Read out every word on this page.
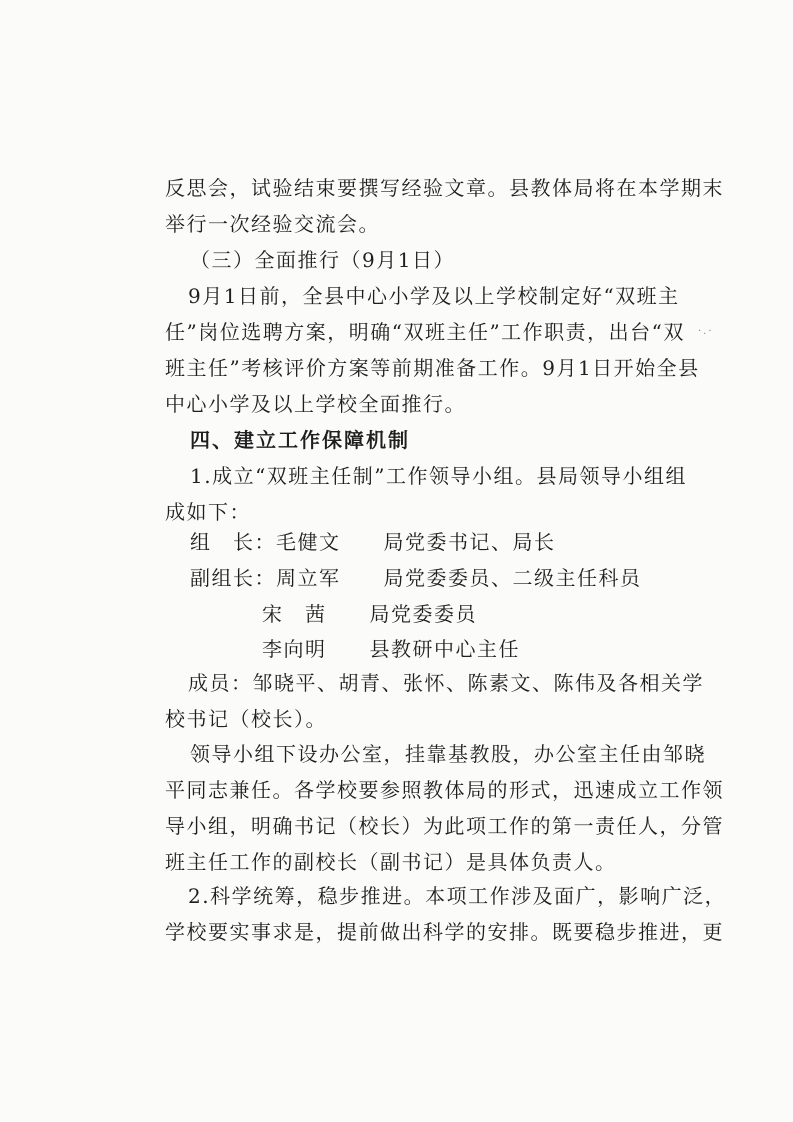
反思会，试验结束要撰写经验文章。县教体局将在本学期末
举行一次经验交流会。
（三）全面推行（9月1日）
9月1日前，全县中心小学及以上学校制定好“双班主
任”岗位选聘方案，明确“双班主任”工作职责，出台“双
班主任”考核评价方案等前期准备工作。9月1日开始全县
中心小学及以上学校全面推行。
四、建立工作保障机制
1.成立“双班主任制”工作领导小组。县局领导小组组
成如下：
组　长：毛健文　　局党委书记、局长
副组长：周立军　　局党委委员、二级主任科员
宋　茜　　局党委委员
李向明　　县教研中心主任
成员：邹晓平、胡青、张怀、陈素文、陈伟及各相关学
校书记（校长）。
领导小组下设办公室，挂靠基教股，办公室主任由邹晓
平同志兼任。各学校要参照教体局的形式，迅速成立工作领
导小组，明确书记（校长）为此项工作的第一责任人，分管
班主任工作的副校长（副书记）是具体负责人。
2.科学统筹，稳步推进。本项工作涉及面广，影响广泛，
学校要实事求是，提前做出科学的安排。既要稳步推进，更
·.·
